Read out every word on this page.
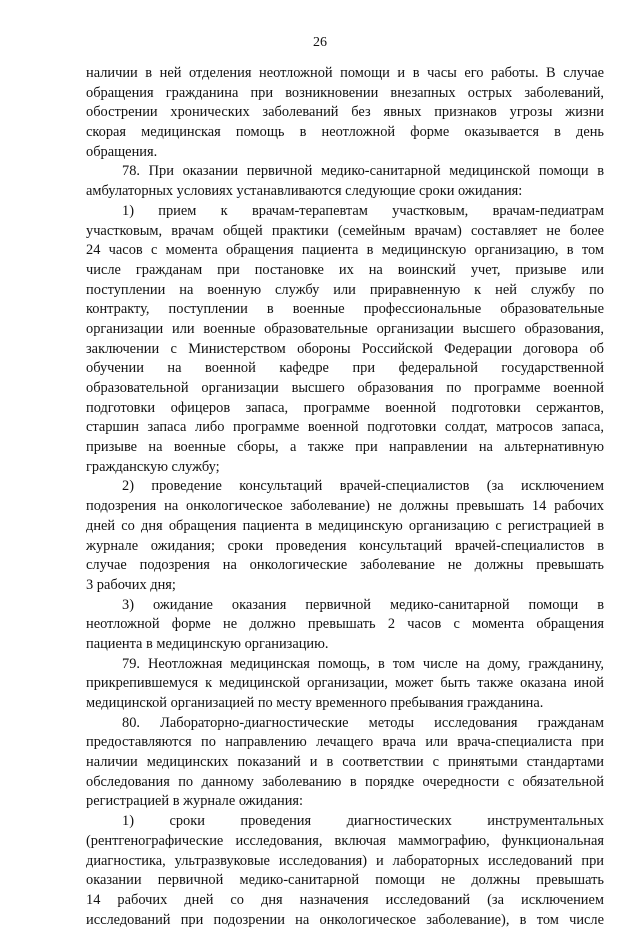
26
наличии в ней отделения неотложной помощи и в часы его работы. В случае
обращения гражданина при возникновении внезапных острых заболеваний,
обострении хронических заболеваний без явных признаков угрозы жизни
скорая медицинская помощь в неотложной форме оказывается в день
обращения.
78. При оказании первичной медико-санитарной медицинской помощи в
амбулаторных условиях устанавливаются следующие сроки ожидания:
1) прием к врачам-терапевтам участковым, врачам-педиатрам
участковым, врачам общей практики (семейным врачам) составляет не более
24 часов с момента обращения пациента в медицинскую организацию, в том
числе гражданам при постановке их на воинский учет, призыве или
поступлении на военную службу или приравненную к ней службу по
контракту, поступлении в военные профессиональные образовательные
организации или военные образовательные организации высшего образования,
заключении с Министерством обороны Российской Федерации договора об
обучении на военной кафедре при федеральной государственной
образовательной организации высшего образования по программе военной
подготовки офицеров запаса, программе военной подготовки сержантов,
старшин запаса либо программе военной подготовки солдат, матросов запаса,
призыве на военные сборы, а также при направлении на альтернативную
гражданскую службу;
2) проведение консультаций врачей-специалистов (за исключением
подозрения на онкологическое заболевание) не должны превышать 14 рабочих
дней со дня обращения пациента в медицинскую организацию с регистрацией в
журнале ожидания; сроки проведения консультаций врачей-специалистов в
случае подозрения на онкологические заболевание не должны превышать
3 рабочих дня;
3) ожидание оказания первичной медико-санитарной помощи в
неотложной форме не должно превышать 2 часов с момента обращения
пациента в медицинскую организацию.
79. Неотложная медицинская помощь, в том числе на дому, гражданину,
прикрепившемуся к медицинской организации, может быть также оказана иной
медицинской организацией по месту временного пребывания гражданина.
80. Лабораторно-диагностические методы исследования гражданам
предоставляются по направлению лечащего врача или врача-специалиста при
наличии медицинских показаний и в соответствии с принятыми стандартами
обследования по данному заболеванию в порядке очередности с обязательной
регистрацией в журнале ожидания:
1) сроки проведения диагностических инструментальных
(рентгенографические исследования, включая маммографию, функциональная
диагностика, ультразвуковые исследования) и лабораторных исследований при
оказании первичной медико-санитарной помощи не должны превышать
14 рабочих дней со дня назначения исследований (за исключением
исследований при подозрении на онкологическое заболевание), в том числе
